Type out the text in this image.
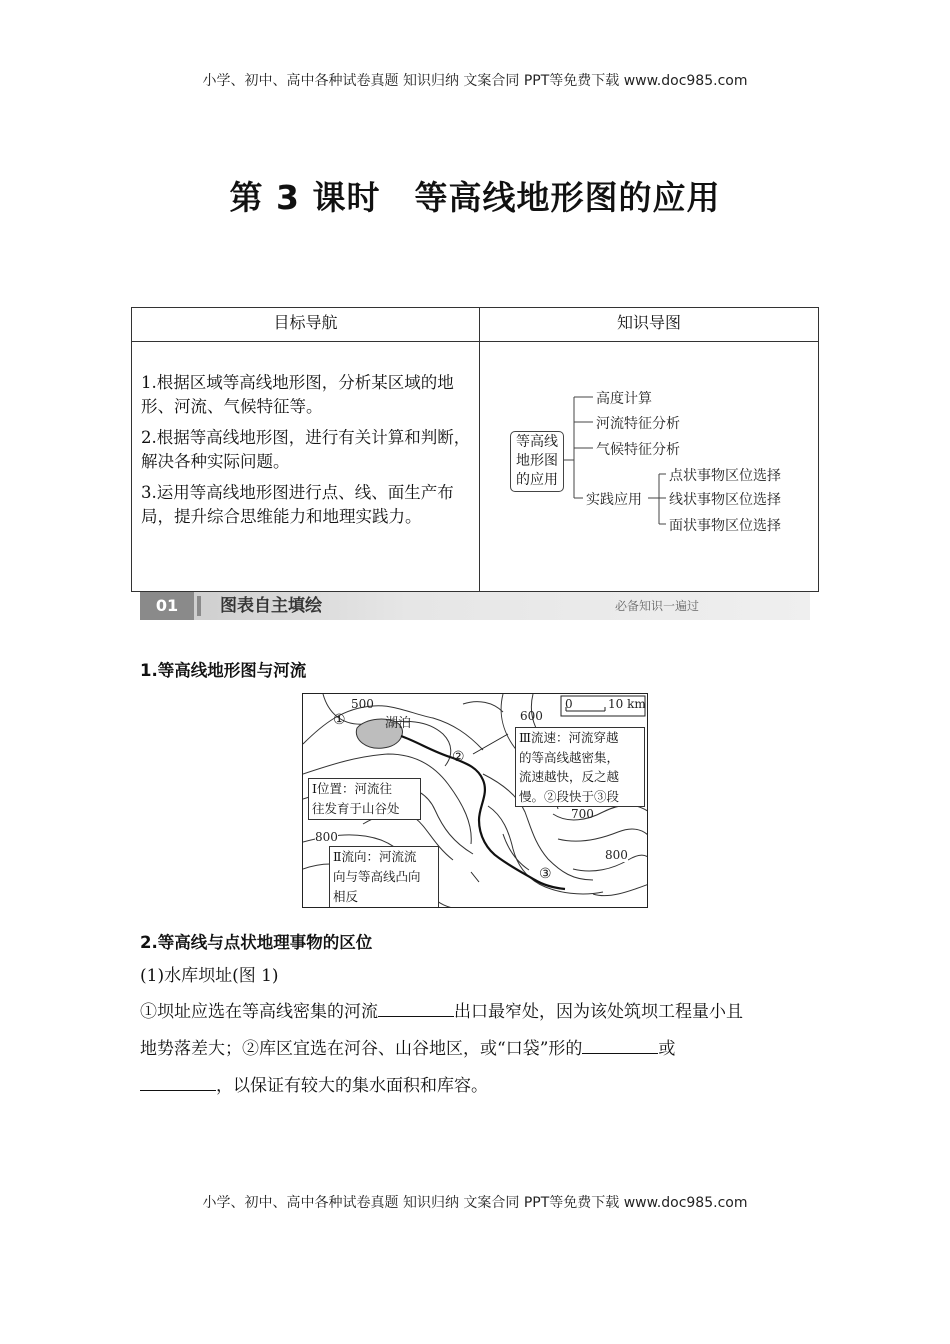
小学、初中、高中各种试卷真题 知识归纳 文案合同 PPT等免费下载 www.doc985.com
第 3 课时 等高线地形图的应用
目标导航	知识导图

1.根据区域等高线地形图，分析某区域的地形、河流、气候特征等。

2.根据等高线地形图，进行有关计算和判断，解决各种实际问题。

3.运用等高线地形图进行点、线、面生产布局，提升综合思维能力和地理实践力。

等高线
地形图
的应用
高度计算
河流特征分析
气候特征分析
实践应用
点状事物区位选择
线状事物区位选择
面状事物区位选择
01	图表自主填绘	必备知识一遍过
1.等高线地形图与河流
500
600
700
800
800
0	10 km
湖泊
①
②
③
Ⅰ位置：河流往
往发育于山谷处
Ⅱ流向：河流流
向与等高线凸向
相反
Ⅲ流速：河流穿越
的等高线越密集，
流速越快，反之越
慢。②段快于③段
2.等高线与点状地理事物的区位
(1)水库坝址(图 1)
①坝址应选在等高线密集的河流	出口最窄处，因为该处筑坝工程量小且
地势落差大；②库区宜选在河谷、山谷地区，或“口袋”形的	或
，以保证有较大的集水面积和库容。
小学、初中、高中各种试卷真题 知识归纳 文案合同 PPT等免费下载 www.doc985.com
